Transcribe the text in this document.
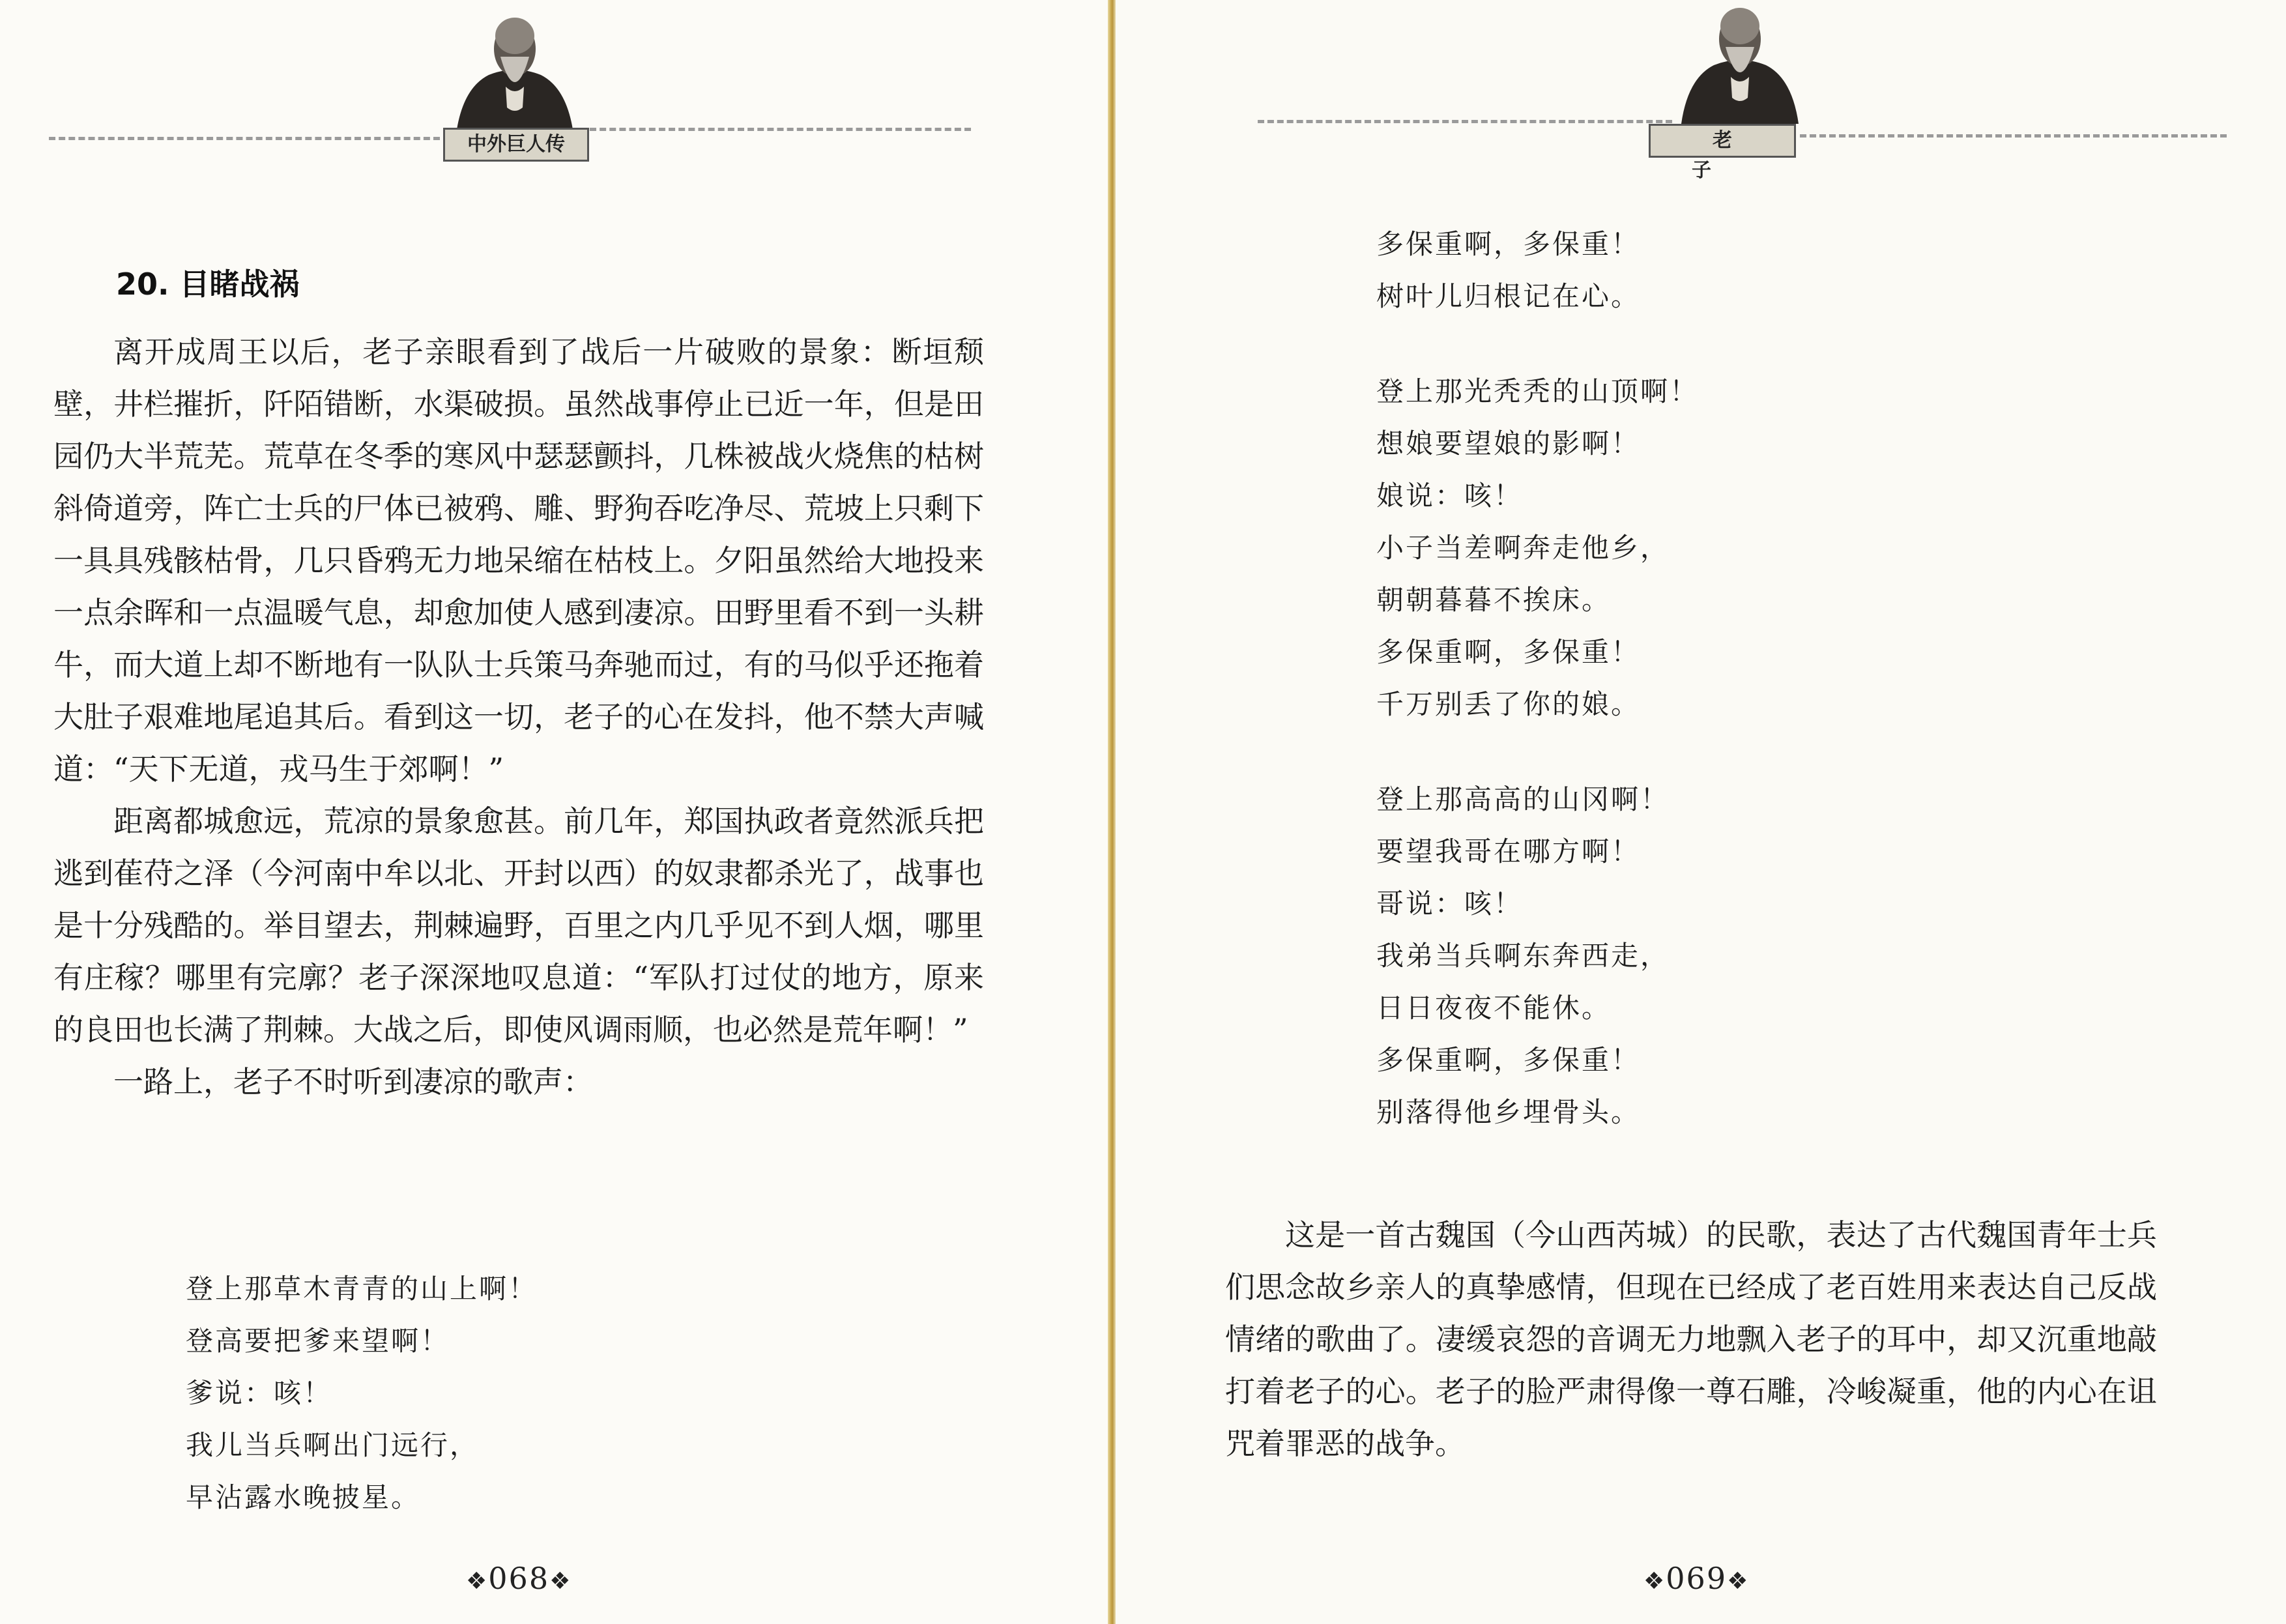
中外巨人传
20. 目睹战祸

离开成周王以后，老子亲眼看到了战后一片破败的景象：断垣颓壁，井栏摧折，阡陌错断，水渠破损。虽然战事停止已近一年，但是田园仍大半荒芜。荒草在冬季的寒风中瑟瑟颤抖，几株被战火烧焦的枯树斜倚道旁，阵亡士兵的尸体已被鸦、雕、野狗吞吃净尽、荒坡上只剩下一具具残骸枯骨，几只昏鸦无力地呆缩在枯枝上。夕阳虽然给大地投来一点余晖和一点温暖气息，却愈加使人感到凄凉。田野里看不到一头耕牛，而大道上却不断地有一队队士兵策马奔驰而过，有的马似乎还拖着大肚子艰难地尾追其后。看到这一切，老子的心在发抖，他不禁大声喊道：“天下无道，戎马生于郊啊！”

距离都城愈远，荒凉的景象愈甚。前几年，郑国执政者竟然派兵把逃到萑苻之泽（今河南中牟以北、开封以西）的奴隶都杀光了，战事也是十分残酷的。举目望去，荆棘遍野，百里之内几乎见不到人烟，哪里有庄稼？哪里有完廓？老子深深地叹息道：“军队打过仗的地方，原来的良田也长满了荆棘。大战之后，即使风调雨顺，也必然是荒年啊！”

一路上，老子不时听到凄凉的歌声：

登上那草木青青的山上啊！
登高要把爹来望啊！
爹说：咳！
我儿当兵啊出门远行，
早沾露水晚披星。
❖068❖
老子
多保重啊，多保重！
树叶儿归根记在心。
登上那光秃秃的山顶啊！
想娘要望娘的影啊！
娘说：咳！
小子当差啊奔走他乡，
朝朝暮暮不挨床。
多保重啊，多保重！
千万别丢了你的娘。
登上那高高的山冈啊！
要望我哥在哪方啊！
哥说：咳！
我弟当兵啊东奔西走，
日日夜夜不能休。
多保重啊，多保重！
别落得他乡埋骨头。
❖069❖

这是一首古魏国（今山西芮城）的民歌，表达了古代魏国青年士兵们思念故乡亲人的真挚感情，但现在已经成了老百姓用来表达自己反战情绪的歌曲了。凄缓哀怨的音调无力地飘入老子的耳中，却又沉重地敲打着老子的心。老子的脸严肃得像一尊石雕，冷峻凝重，他的内心在诅咒着罪恶的战争。
